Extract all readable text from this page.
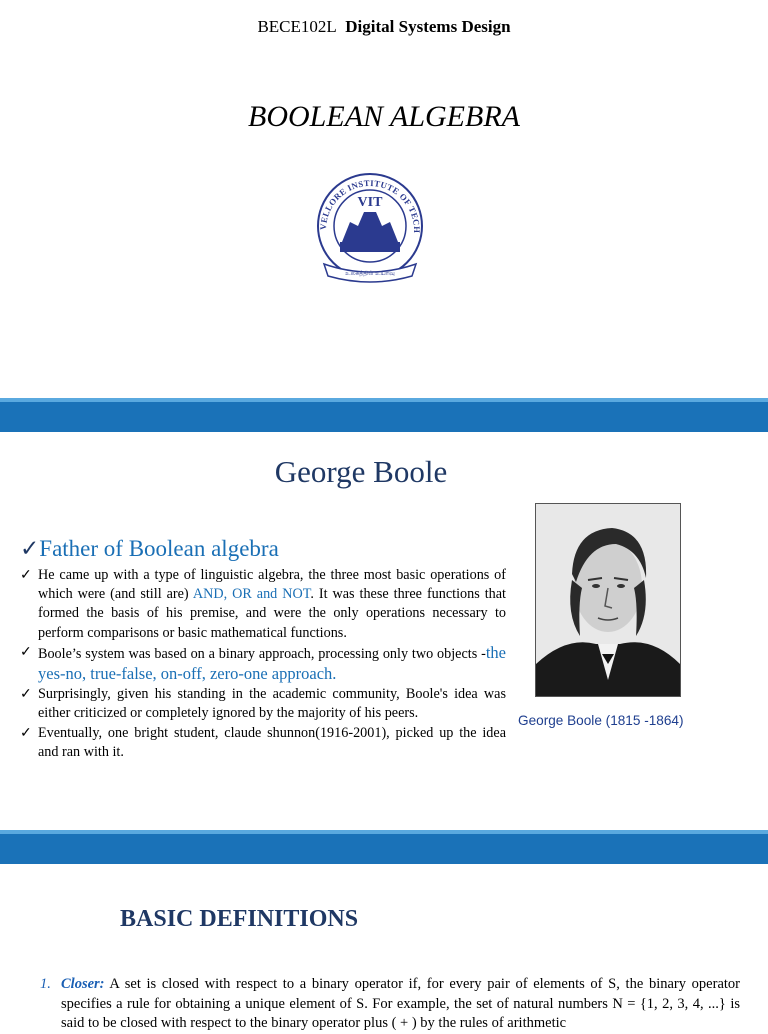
BECE102L Digital Systems Design
BOOLEAN ALGEBRA
VELLORE INSTITUTE OF TECH
VIT
உலகத்தில் உயர்வு
George Boole
✓Father of Boolean algebra
✓ He came up with a type of linguistic algebra, the three most basic operations of which were (and still are) AND, OR and NOT. It was these three functions that formed the basis of his premise, and were the only operations necessary to perform comparisons or basic mathematical functions.
✓ Boole’s system was based on a binary approach, processing only two objects -the yes-no, true-false, on-off, zero-one approach.
✓ Surprisingly, given his standing in the academic community, Boole's idea was either criticized or completely ignored by the majority of his peers.
✓ Eventually, one bright student, claude shunnon(1916-2001), picked up the idea and ran with it.
George Boole (1815 -1864)
BASIC DEFINITIONS
1. Closer: A set is closed with respect to a binary operator if, for every pair of elements of S, the binary operator specifies a rule for obtaining a unique element of S. For example, the set of natural numbers N = {1, 2, 3, 4, ...} is said to be closed with respect to the binary operator plus ( + ) by the rules of arithmetic
